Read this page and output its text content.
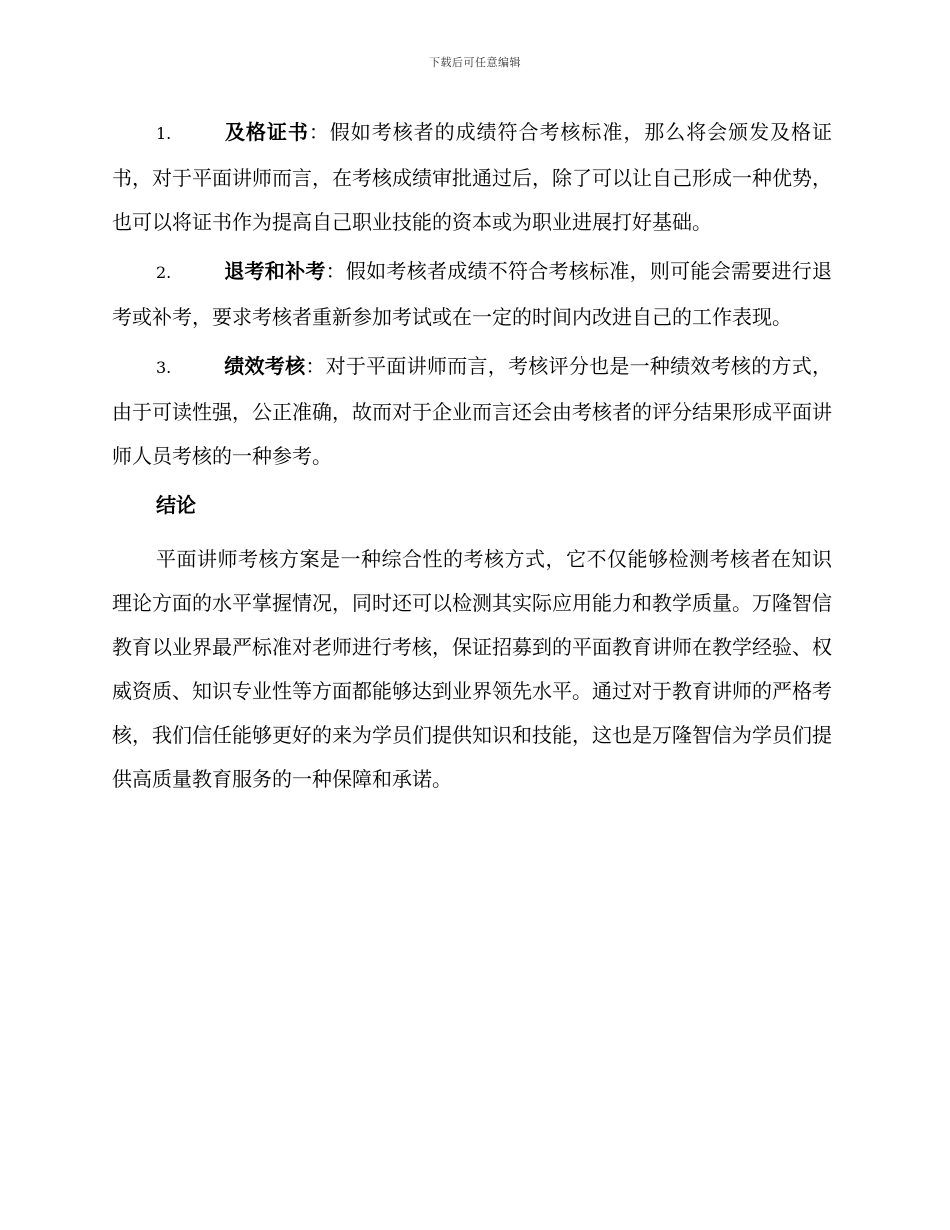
下载后可任意编辑

1.	及格证书：假如考核者的成绩符合考核标准，那么将会颁发及格证书，对于平面讲师而言，在考核成绩审批通过后，除了可以让自己形成一种优势，也可以将证书作为提高自己职业技能的资本或为职业进展打好基础。

2.	退考和补考：假如考核者成绩不符合考核标准，则可能会需要进行退考或补考，要求考核者重新参加考试或在一定的时间内改进自己的工作表现。

3.	绩效考核：对于平面讲师而言，考核评分也是一种绩效考核的方式，由于可读性强，公正准确，故而对于企业而言还会由考核者的评分结果形成平面讲师人员考核的一种参考。

结论

平面讲师考核方案是一种综合性的考核方式，它不仅能够检测考核者在知识理论方面的水平掌握情况，同时还可以检测其实际应用能力和教学质量。万隆智信教育以业界最严标准对老师进行考核，保证招募到的平面教育讲师在教学经验、权威资质、知识专业性等方面都能够达到业界领先水平。通过对于教育讲师的严格考核，我们信任能够更好的来为学员们提供知识和技能，这也是万隆智信为学员们提供高质量教育服务的一种保障和承诺。
